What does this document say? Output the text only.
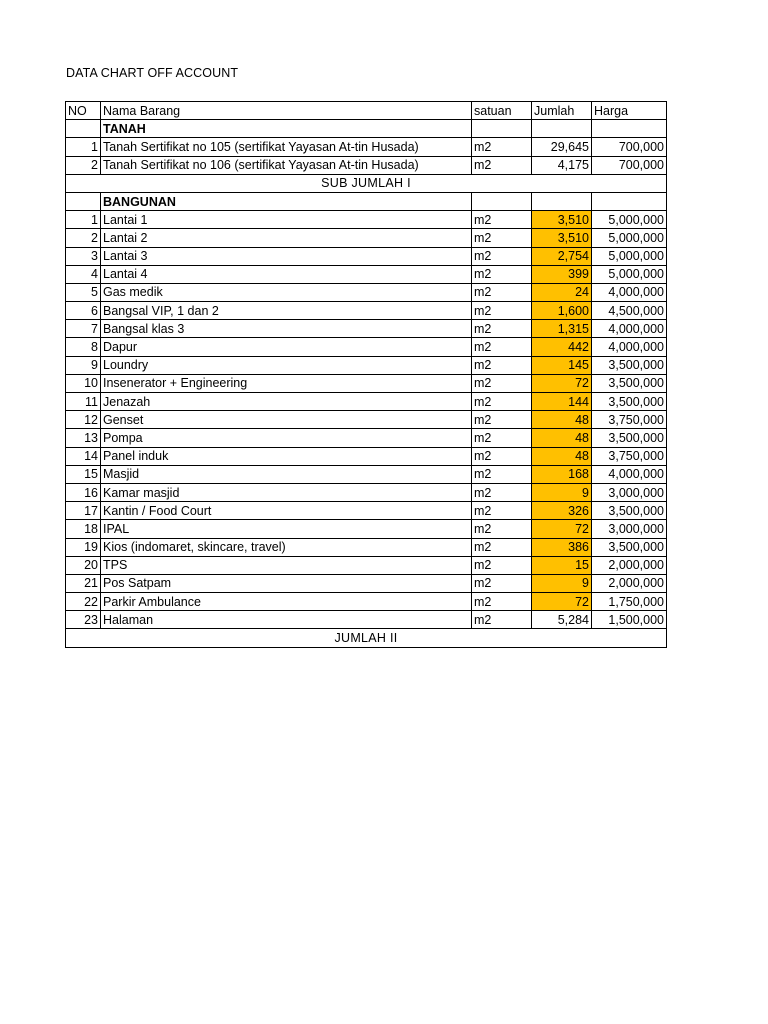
DATA CHART OFF ACCOUNT
NO	Nama Barang	satuan	Jumlah	Harga
	TANAH			
1	Tanah Sertifikat no 105 (sertifikat Yayasan At-tin Husada)	m2	29,645	700,000
2	Tanah Sertifikat no 106 (sertifikat Yayasan At-tin Husada)	m2	4,175	700,000
SUB JUMLAH I				
	BANGUNAN			
1	Lantai 1	m2	3,510	5,000,000
2	Lantai 2	m2	3,510	5,000,000
3	Lantai 3	m2	2,754	5,000,000
4	Lantai 4	m2	399	5,000,000
5	Gas medik	m2	24	4,000,000
6	Bangsal VIP, 1 dan 2	m2	1,600	4,500,000
7	Bangsal klas 3	m2	1,315	4,000,000
8	Dapur	m2	442	4,000,000
9	Loundry	m2	145	3,500,000
10	Insenerator + Engineering	m2	72	3,500,000
11	Jenazah	m2	144	3,500,000
12	Genset	m2	48	3,750,000
13	Pompa	m2	48	3,500,000
14	Panel induk	m2	48	3,750,000
15	Masjid	m2	168	4,000,000
16	Kamar masjid	m2	9	3,000,000
17	Kantin / Food Court	m2	326	3,500,000
18	IPAL	m2	72	3,000,000
19	Kios (indomaret, skincare, travel)	m2	386	3,500,000
20	TPS	m2	15	2,000,000
21	Pos Satpam	m2	9	2,000,000
22	Parkir Ambulance	m2	72	1,750,000
23	Halaman	m2	5,284	1,500,000
JUMLAH II				
